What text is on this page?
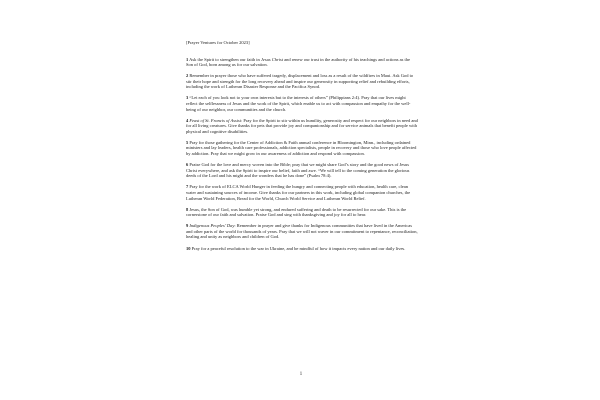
[Prayer Ventures for October 2023]

1 Ask the Spirit to strengthen our faith in Jesus Christ and renew our trust in the authority of his teachings and actions as the Son of God, born among us for our salvation.

2 Remember in prayer those who have suffered tragedy, displacement and loss as a result of the wildfires in Maui. Ask God to stir their hope and strength for the long recovery ahead and inspire our generosity in supporting relief and rebuilding efforts, including the work of Lutheran Disaster Response and the Pacifica Synod.

3 “Let each of you look not to your own interests but to the interests of others” (Philippians 2:4). Pray that our lives might reflect the selflessness of Jesus and the work of the Spirit, which enable us to act with compassion and empathy for the well-being of our neighbor, our communities and the church.

4 Feast of St. Francis of Assisi: Pray for the Spirit to stir within us humility, generosity and respect for our neighbors in need and for all living creatures. Give thanks for pets that provide joy and companionship and for service animals that benefit people with physical and cognitive disabilities.

5 Pray for those gathering for the Center of Addiction & Faith annual conference in Bloomington, Minn., including ordained ministers and lay leaders, health care professionals, addiction specialists, people in recovery and those who love people affected by addiction. Pray that we might grow in our awareness of addiction and respond with compassion.

6 Praise God for the love and mercy woven into the Bible; pray that we might share God’s story and the good news of Jesus Christ everywhere, and ask the Spirit to inspire our belief, faith and awe. “We will tell to the coming generation the glorious deeds of the Lord and his might and the wonders that he has done” (Psalm 78:4).

7 Pray for the work of ELCA World Hunger in feeding the hungry and connecting people with education, health care, clean water and sustaining sources of income. Give thanks for our partners in this work, including global companion churches, the Lutheran World Federation, Bread for the World, Church World Service and Lutheran World Relief.

8 Jesus, the Son of God, was humble yet strong, and endured suffering and death to be resurrected for our sake. This is the cornerstone of our faith and salvation. Praise God and sing with thanksgiving and joy for all to hear.

9 Indigenous Peoples’ Day: Remember in prayer and give thanks for Indigenous communities that have lived in the Americas and other parts of the world for thousands of years. Pray that we will not waver in our commitment to repentance, reconciliation, healing and unity as neighbors and children of God.

10 Pray for a peaceful resolution to the war in Ukraine, and be mindful of how it impacts every nation and our daily lives.

1
